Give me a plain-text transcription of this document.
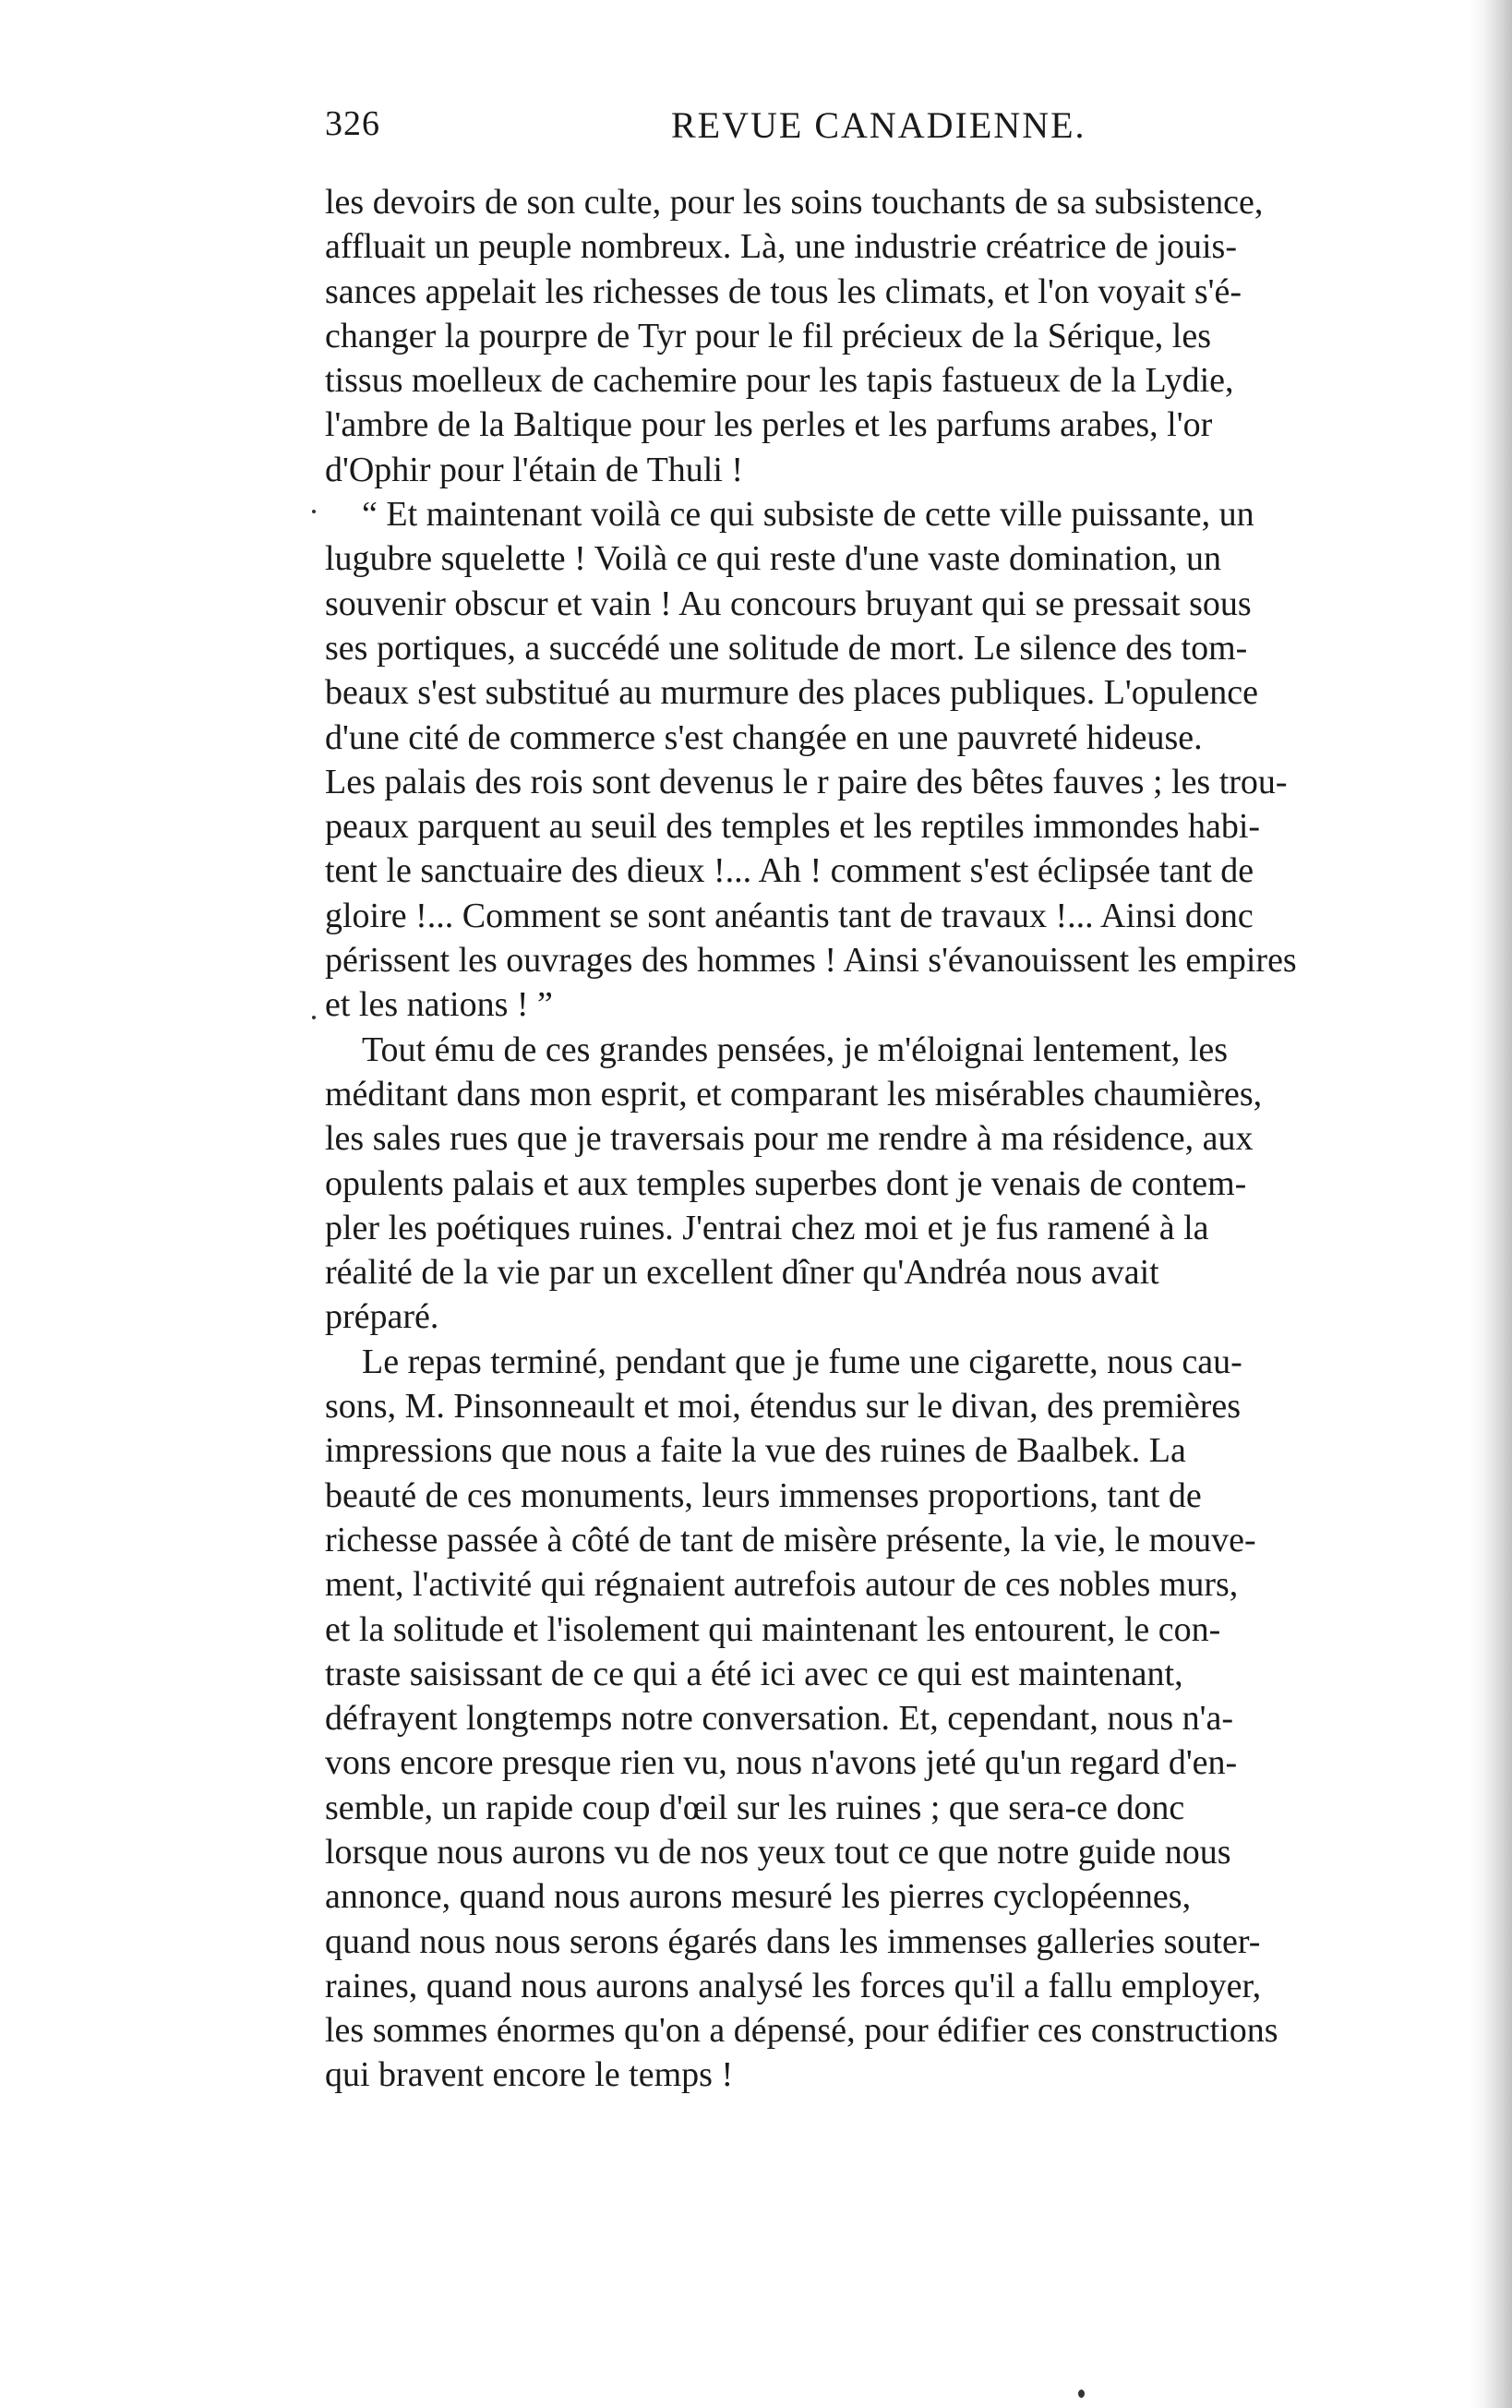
326	REVUE CANADIENNE.
les devoirs de son culte, pour les soins touchants de sa subsistence,
affluait un peuple nombreux. Là, une industrie créatrice de jouis-
sances appelait les richesses de tous les climats, et l'on voyait s'é-
changer la pourpre de Tyr pour le fil précieux de la Sérique, les
tissus moelleux de cachemire pour les tapis fastueux de la Lydie,
l'ambre de la Baltique pour les perles et les parfums arabes, l'or
d'Ophir pour l'étain de Thuli !
“ Et maintenant voilà ce qui subsiste de cette ville puissante, un
lugubre squelette ! Voilà ce qui reste d'une vaste domination, un
souvenir obscur et vain ! Au concours bruyant qui se pressait sous
ses portiques, a succédé une solitude de mort. Le silence des tom-
beaux s'est substitué au murmure des places publiques. L'opulence
d'une cité de commerce s'est changée en une pauvreté hideuse.
Les palais des rois sont devenus le r paire des bêtes fauves ; les trou-
peaux parquent au seuil des temples et les reptiles immondes habi-
tent le sanctuaire des dieux !... Ah ! comment s'est éclipsée tant de
gloire !... Comment se sont anéantis tant de travaux !... Ainsi donc
périssent les ouvrages des hommes ! Ainsi s'évanouissent les empires
et les nations ! ”
Tout ému de ces grandes pensées, je m'éloignai lentement, les
méditant dans mon esprit, et comparant les misérables chaumières,
les sales rues que je traversais pour me rendre à ma résidence, aux
opulents palais et aux temples superbes dont je venais de contem-
pler les poétiques ruines. J'entrai chez moi et je fus ramené à la
réalité de la vie par un excellent dîner qu'Andréa nous avait
préparé.
Le repas terminé, pendant que je fume une cigarette, nous cau-
sons, M. Pinsonneault et moi, étendus sur le divan, des premières
impressions que nous a faite la vue des ruines de Baalbek. La
beauté de ces monuments, leurs immenses proportions, tant de
richesse passée à côté de tant de misère présente, la vie, le mouve-
ment, l'activité qui régnaient autrefois autour de ces nobles murs,
et la solitude et l'isolement qui maintenant les entourent, le con-
traste saisissant de ce qui a été ici avec ce qui est maintenant,
défrayent longtemps notre conversation. Et, cependant, nous n'a-
vons encore presque rien vu, nous n'avons jeté qu'un regard d'en-
semble, un rapide coup d'œil sur les ruines ; que sera-ce donc
lorsque nous aurons vu de nos yeux tout ce que notre guide nous
annonce, quand nous aurons mesuré les pierres cyclopéennes,
quand nous nous serons égarés dans les immenses galleries souter-
raines, quand nous aurons analysé les forces qu'il a fallu employer,
les sommes énormes qu'on a dépensé, pour édifier ces constructions
qui bravent encore le temps !
